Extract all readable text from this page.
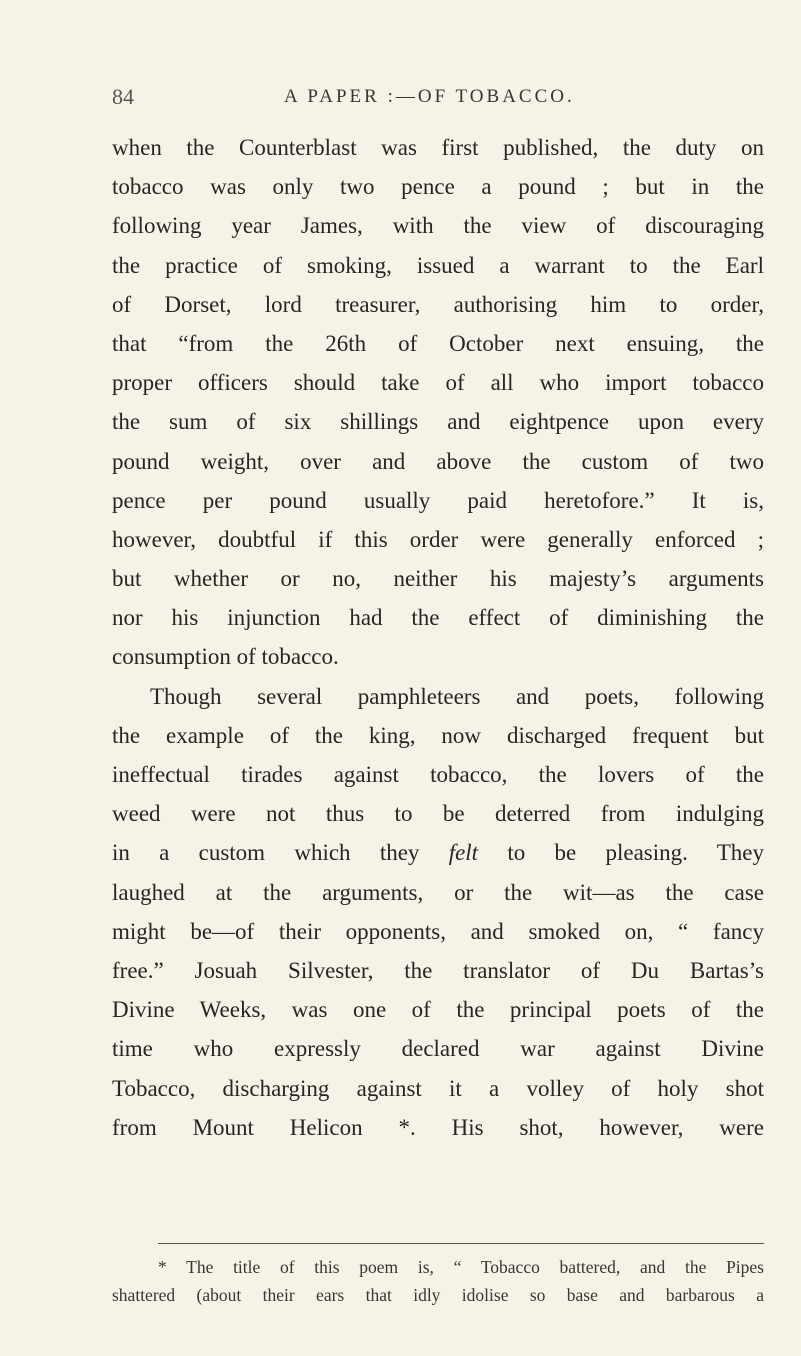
84	A PAPER :—OF TOBACCO.
when the Counterblast was first published, the duty on
tobacco was only two pence a pound ; but in the
following year James, with the view of discouraging
the practice of smoking, issued a warrant to the Earl
of Dorset, lord treasurer, authorising him to order,
that “from the 26th of October next ensuing, the
proper officers should take of all who import tobacco
the sum of six shillings and eightpence upon every
pound weight, over and above the custom of two
pence per pound usually paid heretofore.” It is,
however, doubtful if this order were generally enforced ;
but whether or no, neither his majesty’s arguments
nor his injunction had the effect of diminishing the
consumption of tobacco.
Though several pamphleteers and poets, following
the example of the king, now discharged frequent but
ineffectual tirades against tobacco, the lovers of the
weed were not thus to be deterred from indulging
in a custom which they felt to be pleasing. They
laughed at the arguments, or the wit—as the case
might be—of their opponents, and smoked on, “ fancy
free.” Josuah Silvester, the translator of Du Bartas’s
Divine Weeks, was one of the principal poets of the
time who expressly declared war against Divine
Tobacco, discharging against it a volley of holy shot
from Mount Helicon *. His shot, however, were
* The title of this poem is, “ Tobacco battered, and the Pipes
shattered (about their ears that idly idolise so base and barbarous a
